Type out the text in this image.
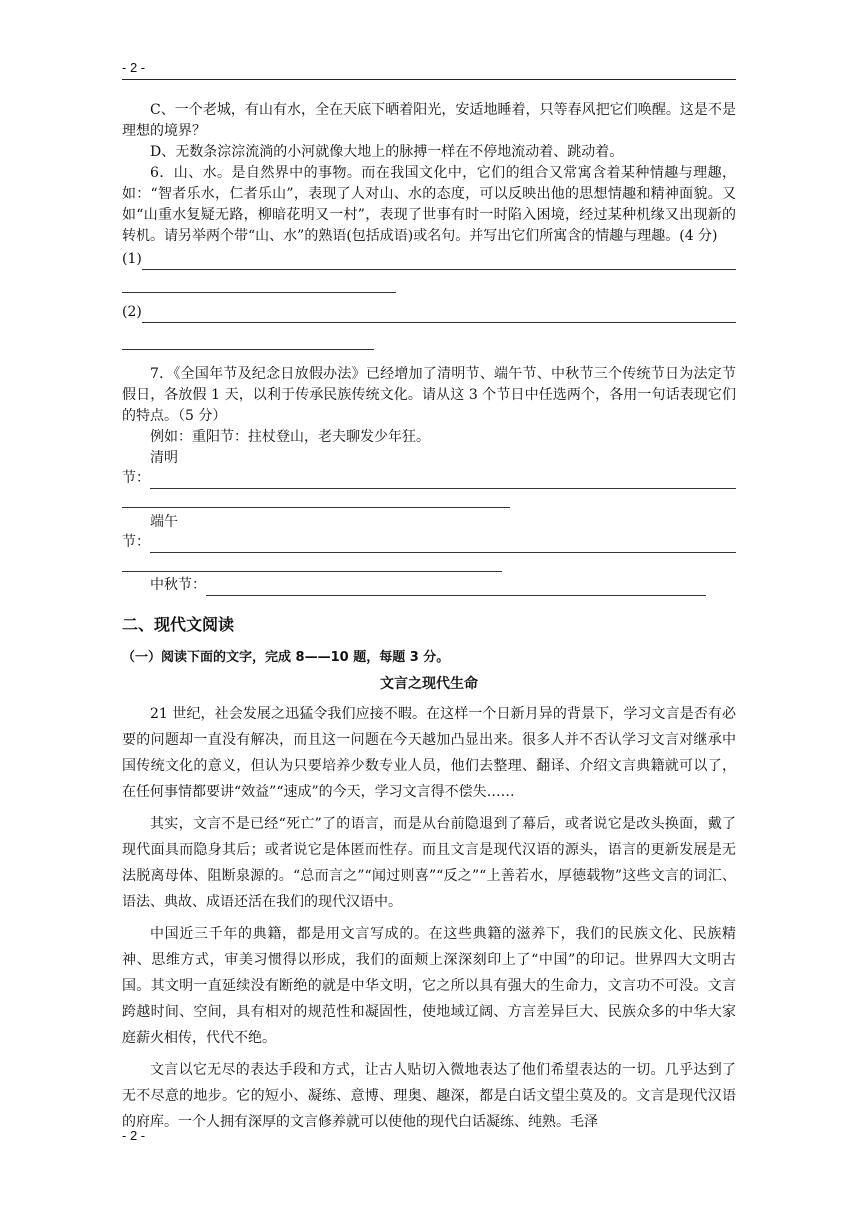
- 2 -

C、一个老城，有山有水，全在天底下晒着阳光，安适地睡着，只等春风把它们唤醒。这是不是理想的境界？

D、无数条淙淙流淌的小河就像大地上的脉搏一样在不停地流动着、跳动着。

6．山、水。是自然界中的事物。而在我国文化中，它们的组合又常寓含着某种情趣与理趣，如：“智者乐水，仁者乐山”，表现了人对山、水的态度，可以反映出他的思想情趣和精神面貌。又如“山重水复疑无路，柳暗花明又一村”，表现了世事有时一时陷入困境，经过某种机缘又出现新的转机。请另举两个带“山、水”的熟语(包括成语)或名句。并写出它们所寓含的情趣与理趣。(4 分)

(1)
(2)

7．《全国年节及纪念日放假办法》已经增加了清明节、端午节、中秋节三个传统节日为法定节假日，各放假 1 天，以利于传承民族传统文化。请从这 3 个节日中任选两个，各用一句话表现它们的特点。（5 分）

例如：重阳节：拄杖登山，老夫聊发少年狂。
清明
节：
端午
节：
中秋节：
二、现代文阅读
（一）阅读下面的文字，完成 8——10 题，每题 3 分。
文言之现代生命

21 世纪，社会发展之迅猛令我们应接不暇。在这样一个日新月异的背景下，学习文言是否有必要的问题却一直没有解决，而且这一问题在今天越加凸显出来。很多人并不否认学习文言对继承中国传统文化的意义，但认为只要培养少数专业人员，他们去整理、翻译、介绍文言典籍就可以了，在任何事情都要讲“效益”“速成”的今天，学习文言得不偿失……

其实，文言不是已经“死亡”了的语言，而是从台前隐退到了幕后，或者说它是改头换面，戴了现代面具而隐身其后；或者说它是体匿而性存。而且文言是现代汉语的源头，语言的更新发展是无法脱离母体、阻断泉源的。“总而言之”“闻过则喜”“反之”“上善若水，厚德载物”这些文言的词汇、语法、典故、成语还活在我们的现代汉语中。

中国近三千年的典籍，都是用文言写成的。在这些典籍的滋养下，我们的民族文化、民族精神、思维方式，审美习惯得以形成，我们的面颊上深深刻印上了“中国”的印记。世界四大文明古国。其文明一直延续没有断绝的就是中华文明，它之所以具有强大的生命力，文言功不可没。文言跨越时间、空间，具有相对的规范性和凝固性，使地域辽阔、方言差异巨大、民族众多的中华大家庭薪火相传，代代不绝。

文言以它无尽的表达手段和方式，让古人贴切入微地表达了他们希望表达的一切。几乎达到了无不尽意的地步。它的短小、凝练、意博、理奥、趣深，都是白话文望尘莫及的。文言是现代汉语的府库。一个人拥有深厚的文言修养就可以使他的现代白话凝练、纯熟。毛泽

- 2 -
